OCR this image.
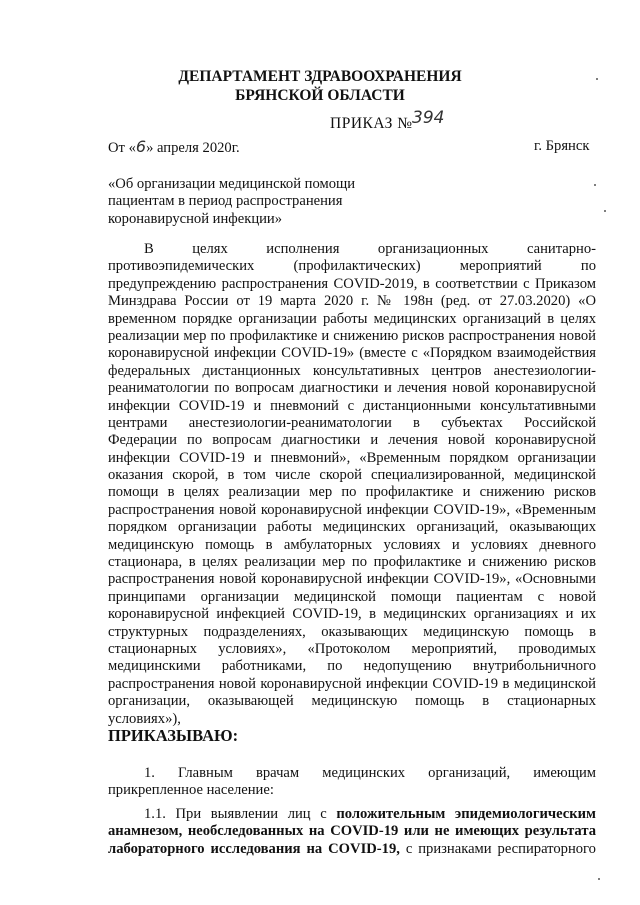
ДЕПАРТАМЕНТ ЗДРАВООХРАНЕНИЯ
БРЯНСКОЙ ОБЛАСТИ
ПРИКАЗ № 394
От «6» апреля 2020г.	г. Брянск
«Об организации медицинской помощи
пациентам в период распространения
коронавирусной инфекции»
В целях исполнения организационных санитарно-
противоэпидемических (профилактических) мероприятий по
предупреждению распространения COVID-2019, в соответствии с Приказом
Минздрава России от 19 марта 2020 г. № 198н (ред. от 27.03.2020) «О
временном порядке организации работы медицинских организаций в целях
реализации мер по профилактике и снижению рисков распространения новой
коронавирусной инфекции COVID-19» (вместе с «Порядком взаимодействия
федеральных дистанционных консультативных центров анестезиологии-
реаниматологии по вопросам диагностики и лечения новой коронавирусной
инфекции COVID-19 и пневмоний с дистанционными консультативными
центрами анестезиологии-реаниматологии в субъектах Российской
Федерации по вопросам диагностики и лечения новой коронавирусной
инфекции COVID-19 и пневмоний», «Временным порядком организации
оказания скорой, в том числе скорой специализированной, медицинской
помощи в целях реализации мер по профилактике и снижению рисков
распространения новой коронавирусной инфекции COVID-19», «Временным
порядком организации работы медицинских организаций, оказывающих
медицинскую помощь в амбулаторных условиях и условиях дневного
стационара, в целях реализации мер по профилактике и снижению рисков
распространения новой коронавирусной инфекции COVID-19», «Основными
принципами организации медицинской помощи пациентам с новой
коронавирусной инфекцией COVID-19, в медицинских организациях и их
структурных подразделениях, оказывающих медицинскую помощь в
стационарных условиях», «Протоколом мероприятий, проводимых
медицинскими работниками, по недопущению внутрибольничного
распространения новой коронавирусной инфекции COVID-19 в медицинской
организации, оказывающей медицинскую помощь в стационарных
условиях»),
ПРИКАЗЫВАЮ:
1. Главным врачам медицинских организаций, имеющим
прикрепленное население:
1.1. При выявлении лиц с положительным эпидемиологическим
анамнезом, необследованных на COVID-19 или не имеющих результата
лабораторного исследования на COVID-19, с признаками респираторного
